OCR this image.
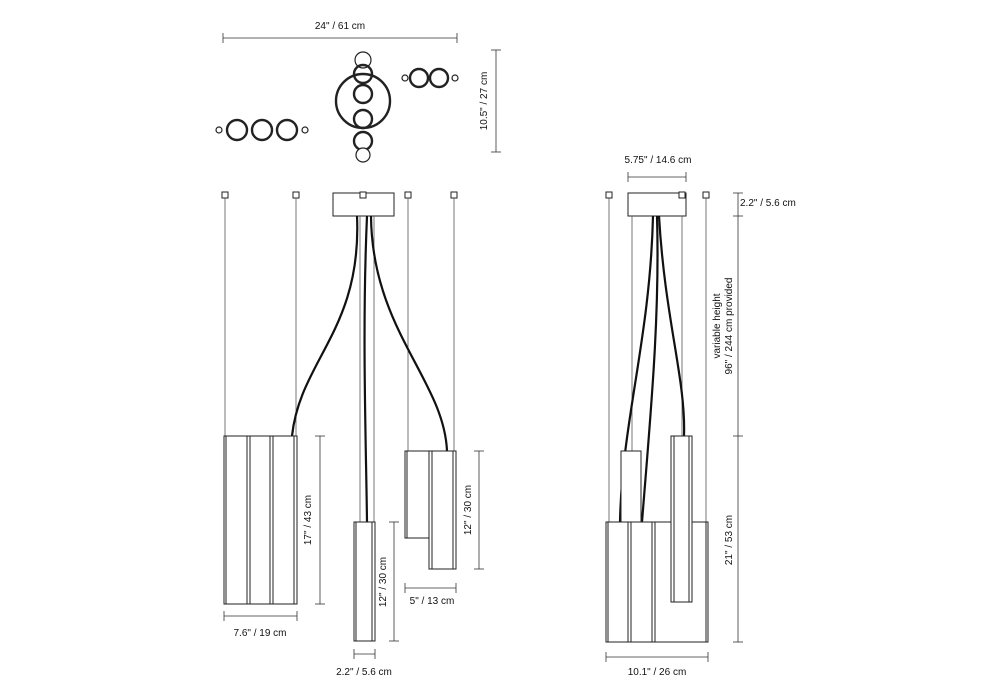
24" / 61 cm
10.5" / 27 cm
17" / 43 cm
7.6" / 19 cm
12" / 30 cm
2.2" / 5.6 cm
12" / 30 cm
5" / 13 cm
5.75" / 14.6 cm
2.2" / 5.6 cm
variable height 96" / 244 cm provided
21" / 53 cm
10.1" / 26 cm
